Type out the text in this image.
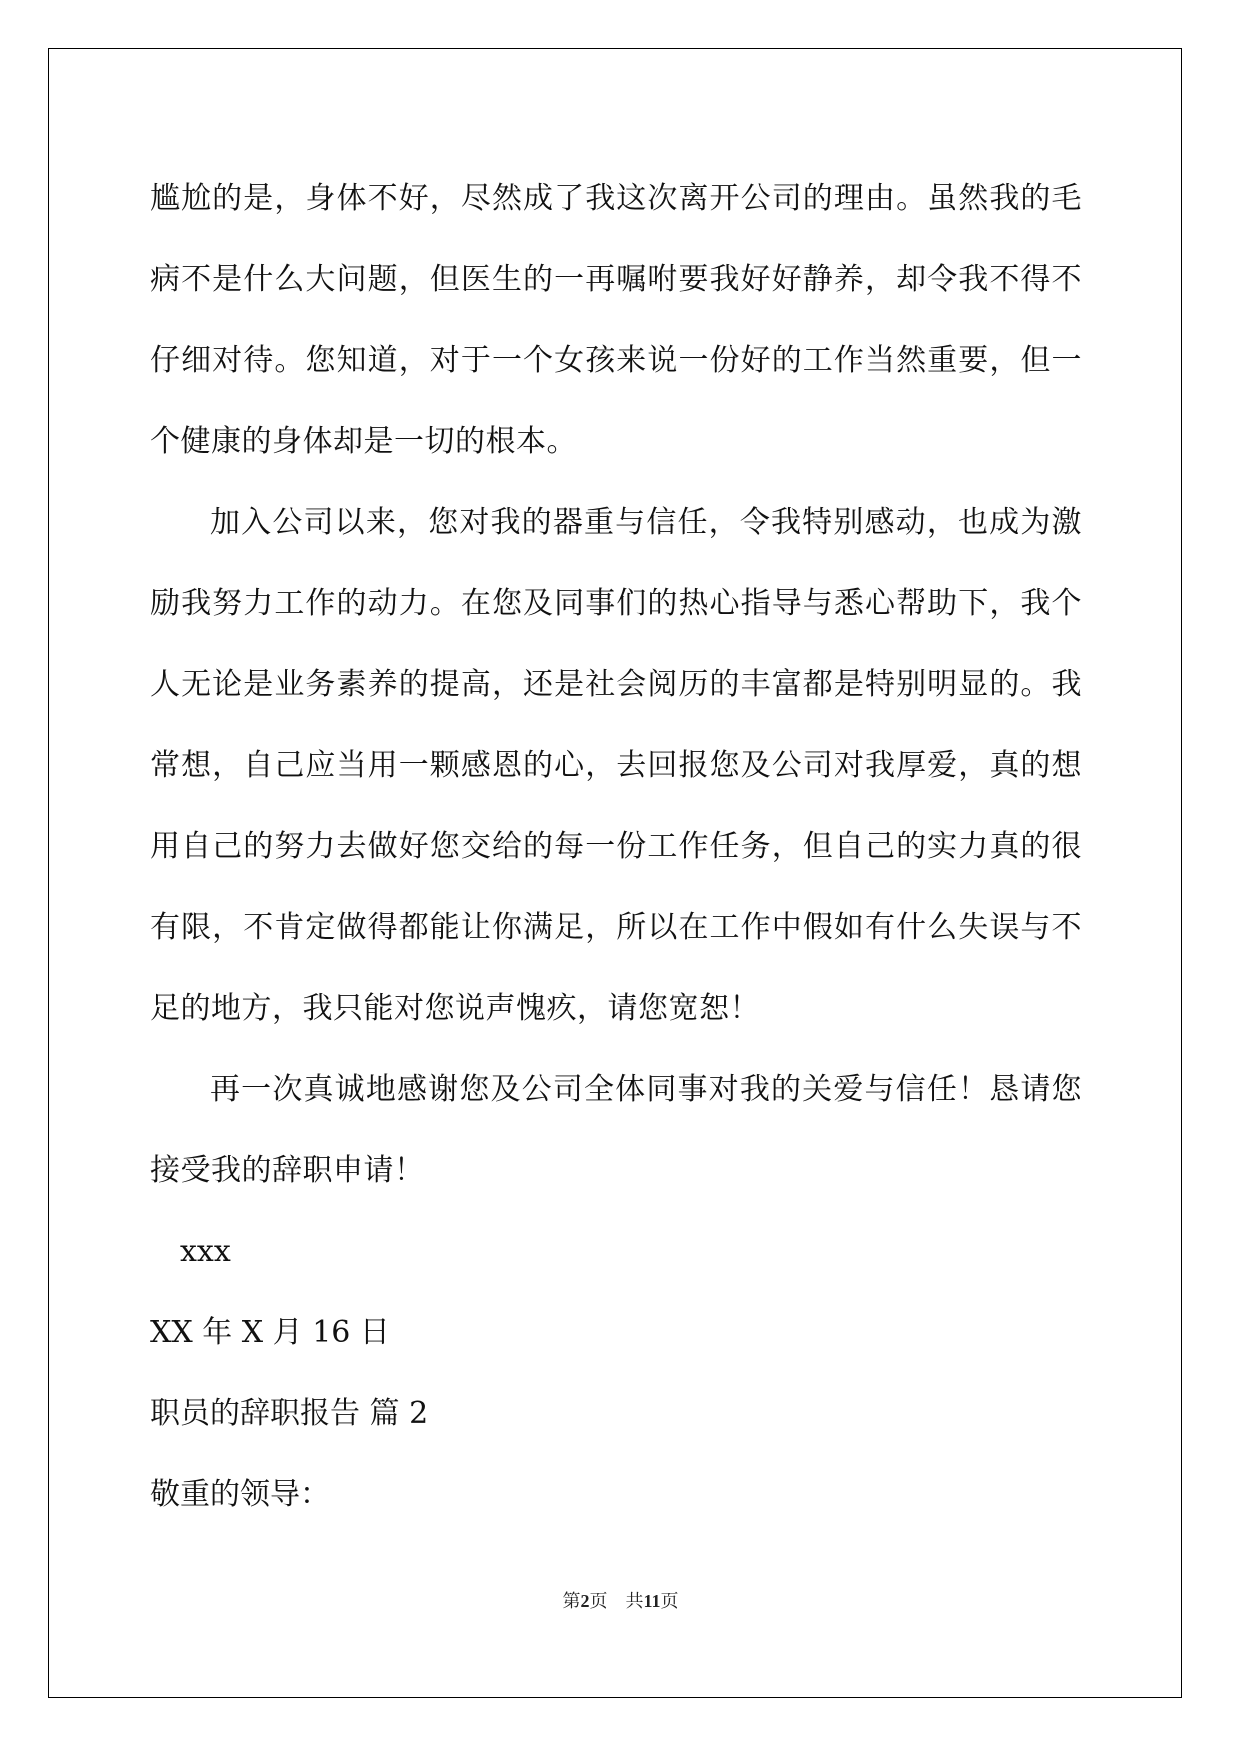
尴尬的是，身体不好，尽然成了我这次离开公司的理由。虽然我的毛病不是什么大问题，但医生的一再嘱咐要我好好静养，却令我不得不仔细对待。您知道，对于一个女孩来说一份好的工作当然重要，但一个健康的身体却是一切的根本。

加入公司以来，您对我的器重与信任，令我特别感动，也成为激励我努力工作的动力。在您及同事们的热心指导与悉心帮助下，我个人无论是业务素养的提高，还是社会阅历的丰富都是特别明显的。我常想，自己应当用一颗感恩的心，去回报您及公司对我厚爱，真的想用自己的努力去做好您交给的每一份工作任务，但自己的实力真的很有限，不肯定做得都能让你满足，所以在工作中假如有什么失误与不足的地方，我只能对您说声愧疚，请您宽恕！

再一次真诚地感谢您及公司全体同事对我的关爱与信任！恳请您接受我的辞职申请！

xxx

XX 年 X 月 16 日

职员的辞职报告 篇 2

敬重的领导：

第2页 共11页
